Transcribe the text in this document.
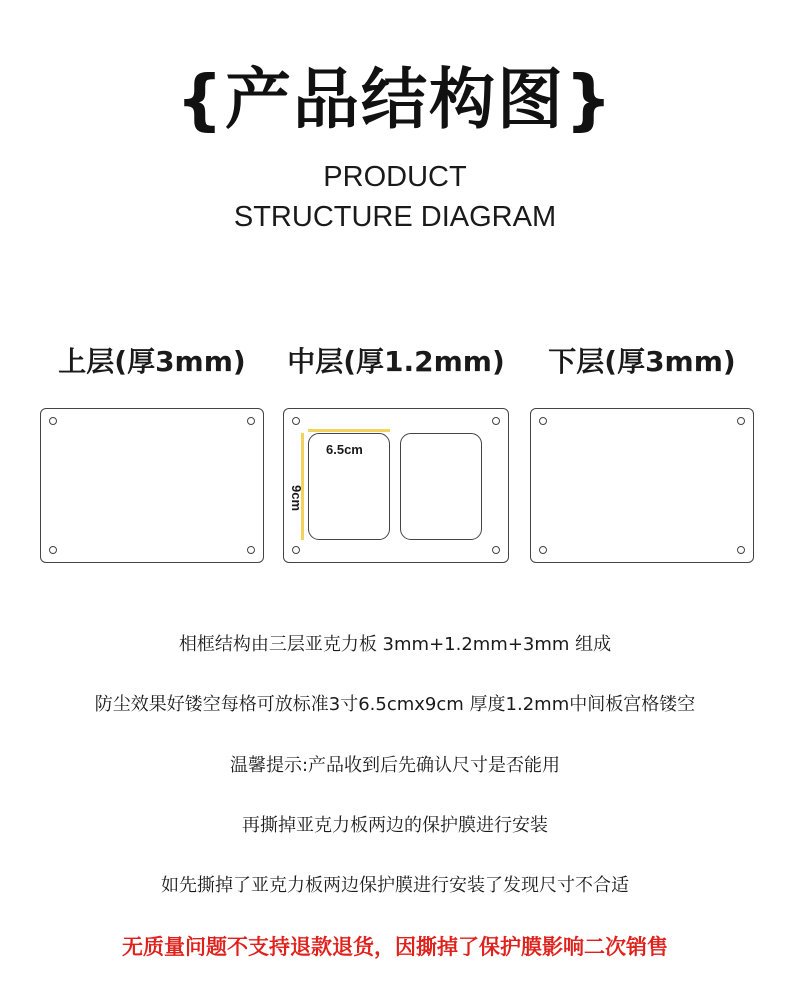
{产品结构图}
PRODUCT
STRUCTURE DIAGRAM
上层(厚3mm)	中层(厚1.2mm)	下层(厚3mm)
6.5cm
9cm
相框结构由三层亚克力板 3mm+1.2mm+3mm 组成
防尘效果好镂空每格可放标准3寸6.5cmx9cm 厚度1.2mm中间板宫格镂空
温馨提示:产品收到后先确认尺寸是否能用
再撕掉亚克力板两边的保护膜进行安装
如先撕掉了亚克力板两边保护膜进行安装了发现尺寸不合适
无质量问题不支持退款退货，因撕掉了保护膜影响二次销售
